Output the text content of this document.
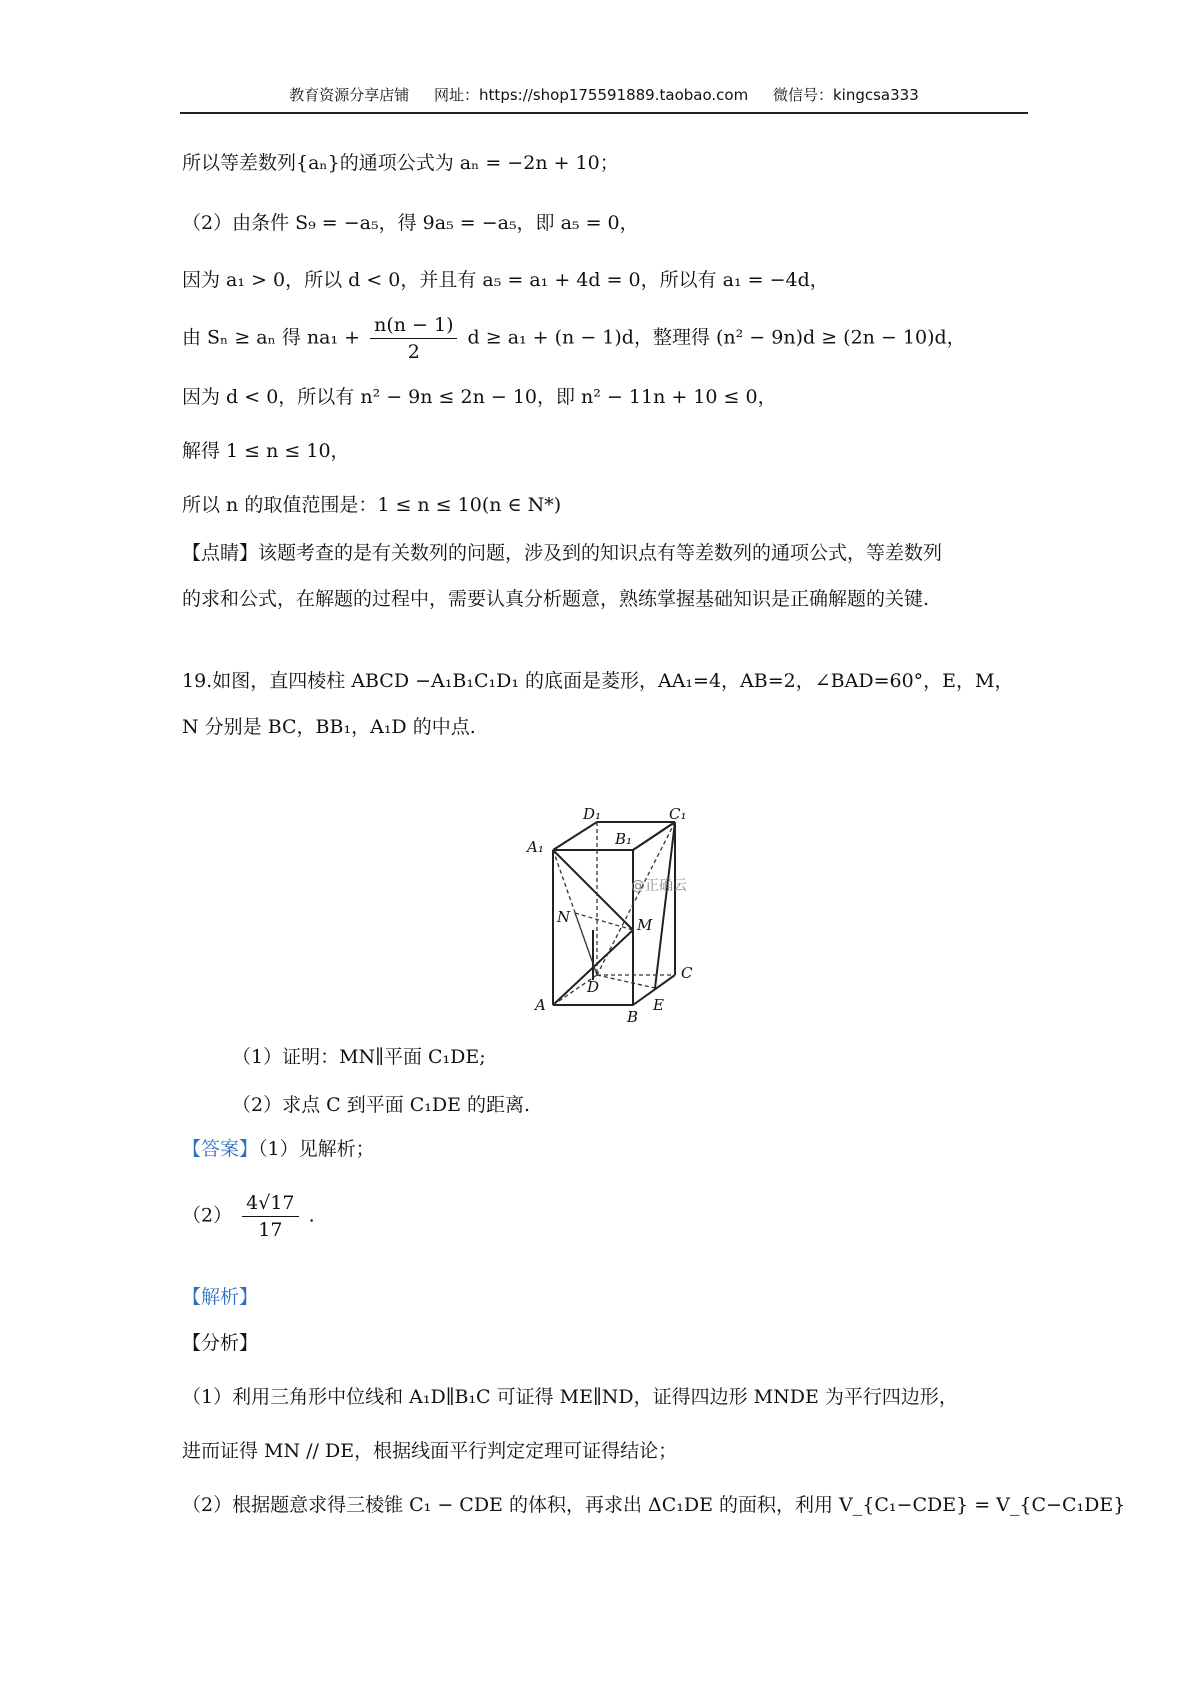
教育资源分享店铺 网址：https://shop175591889.taobao.com 微信号：kingcsa333
所以等差数列{aₙ}的通项公式为 aₙ = −2n + 10；
（2）由条件 S₉ = −a₅，得 9a₅ = −a₅，即 a₅ = 0，
因为 a₁ > 0，所以 d < 0，并且有 a₅ = a₁ + 4d = 0，所以有 a₁ = −4d，
由 Sₙ ≥ aₙ 得 $na_1 + \frac{n(n - 1)}{2}$ d ≥ a₁ + (n − 1)d，整理得 (n² − 9n)d ≥ (2n − 10)d，
因为 d < 0，所以有 n² − 9n ≤ 2n − 10，即 n² − 11n + 10 ≤ 0，
解得 1 ≤ n ≤ 10，
所以 n 的取值范围是：1 ≤ n ≤ 10(n ∈ N*)
【点睛】该题考查的是有关数列的问题，涉及到的知识点有等差数列的通项公式，等差数列
的求和公式，在解题的过程中，需要认真分析题意，熟练掌握基础知识是正确解题的关键.
19.如图，直四棱柱 ABCD −A₁B₁C₁D₁ 的底面是菱形，AA₁=4，AB=2，∠BAD=60°，E，M，
N 分别是 BC，BB₁，A₁D 的中点.
D₁	C₁
A₁	B₁
N	M
D
C
A
B
E
@正确云
（1）证明：MN∥平面 C₁DE;
（2）求点 C 到平面 C₁DE 的距离.
【答案】（1）见解析；
$(2) \frac{4√17}{17}$ .
【解析】
【分析】
（1）利用三角形中位线和 A₁D∥B₁C 可证得 ME∥ND，证得四边形 MNDE 为平行四边形，
进而证得 MN // DE，根据线面平行判定定理可证得结论；
（2）根据题意求得三棱锥 C₁ − CDE 的体积，再求出 ΔC₁DE 的面积，利用 V_{C₁−CDE} = V_{C−C₁DE}
